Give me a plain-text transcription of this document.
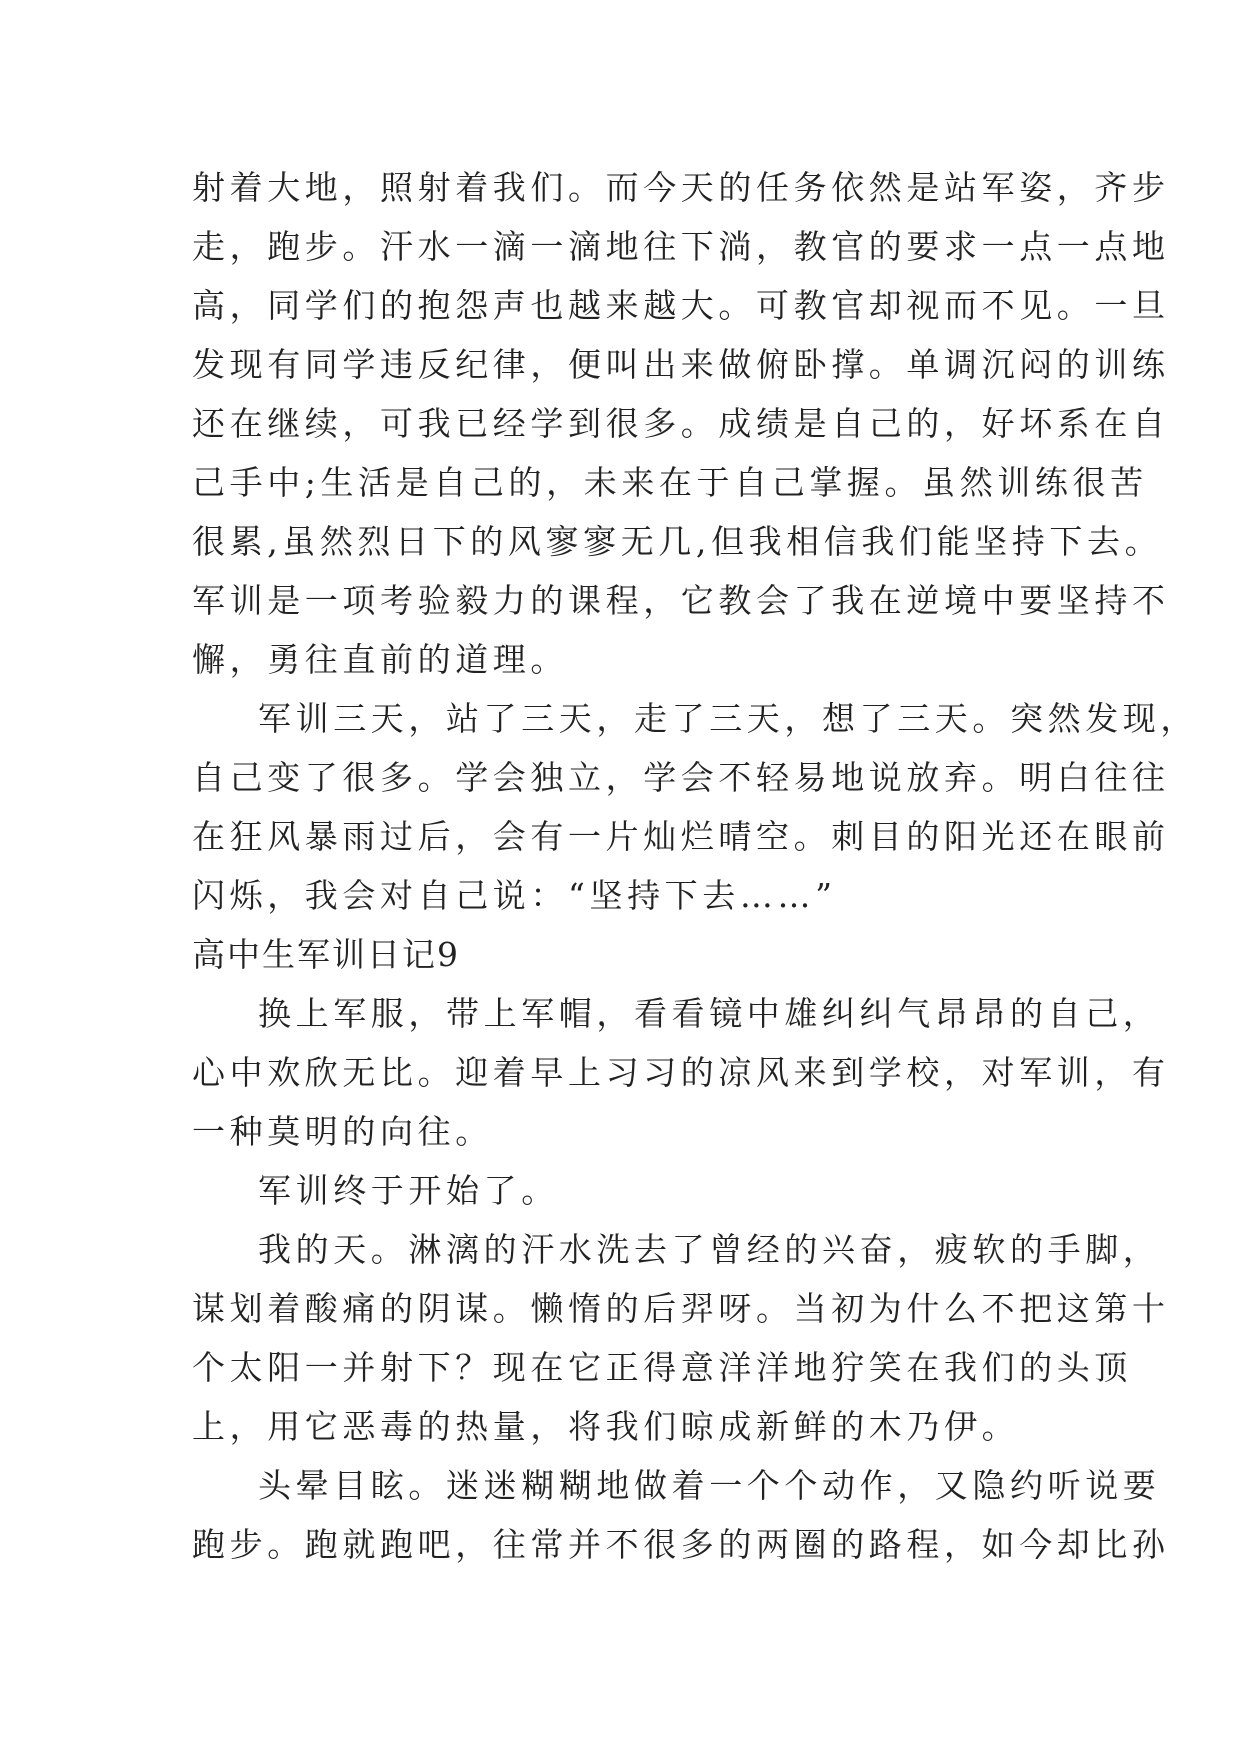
射着大地，照射着我们。而今天的任务依然是站军姿，齐步
走，跑步。汗水一滴一滴地往下淌，教官的要求一点一点地
高，同学们的抱怨声也越来越大。可教官却视而不见。一旦
发现有同学违反纪律，便叫出来做俯卧撑。单调沉闷的训练
还在继续，可我已经学到很多。成绩是自己的，好坏系在自
己手中;生活是自己的，未来在于自己掌握。虽然训练很苦
很累,虽然烈日下的风寥寥无几,但我相信我们能坚持下去。
军训是一项考验毅力的课程，它教会了我在逆境中要坚持不
懈，勇往直前的道理。
军训三天，站了三天，走了三天，想了三天。突然发现，
自己变了很多。学会独立，学会不轻易地说放弃。明白往往
在狂风暴雨过后，会有一片灿烂晴空。刺目的阳光还在眼前
闪烁，我会对自己说：“坚持下去……”
高中生军训日记9
换上军服，带上军帽，看看镜中雄纠纠气昂昂的自己，
心中欢欣无比。迎着早上习习的凉风来到学校，对军训，有
一种莫明的向往。
军训终于开始了。
我的天。淋漓的汗水洗去了曾经的兴奋，疲软的手脚，
谋划着酸痛的阴谋。懒惰的后羿呀。当初为什么不把这第十
个太阳一并射下？现在它正得意洋洋地狞笑在我们的头顶
上，用它恶毒的热量，将我们晾成新鲜的木乃伊。
头晕目眩。迷迷糊糊地做着一个个动作，又隐约听说要
跑步。跑就跑吧，往常并不很多的两圈的路程，如今却比孙
